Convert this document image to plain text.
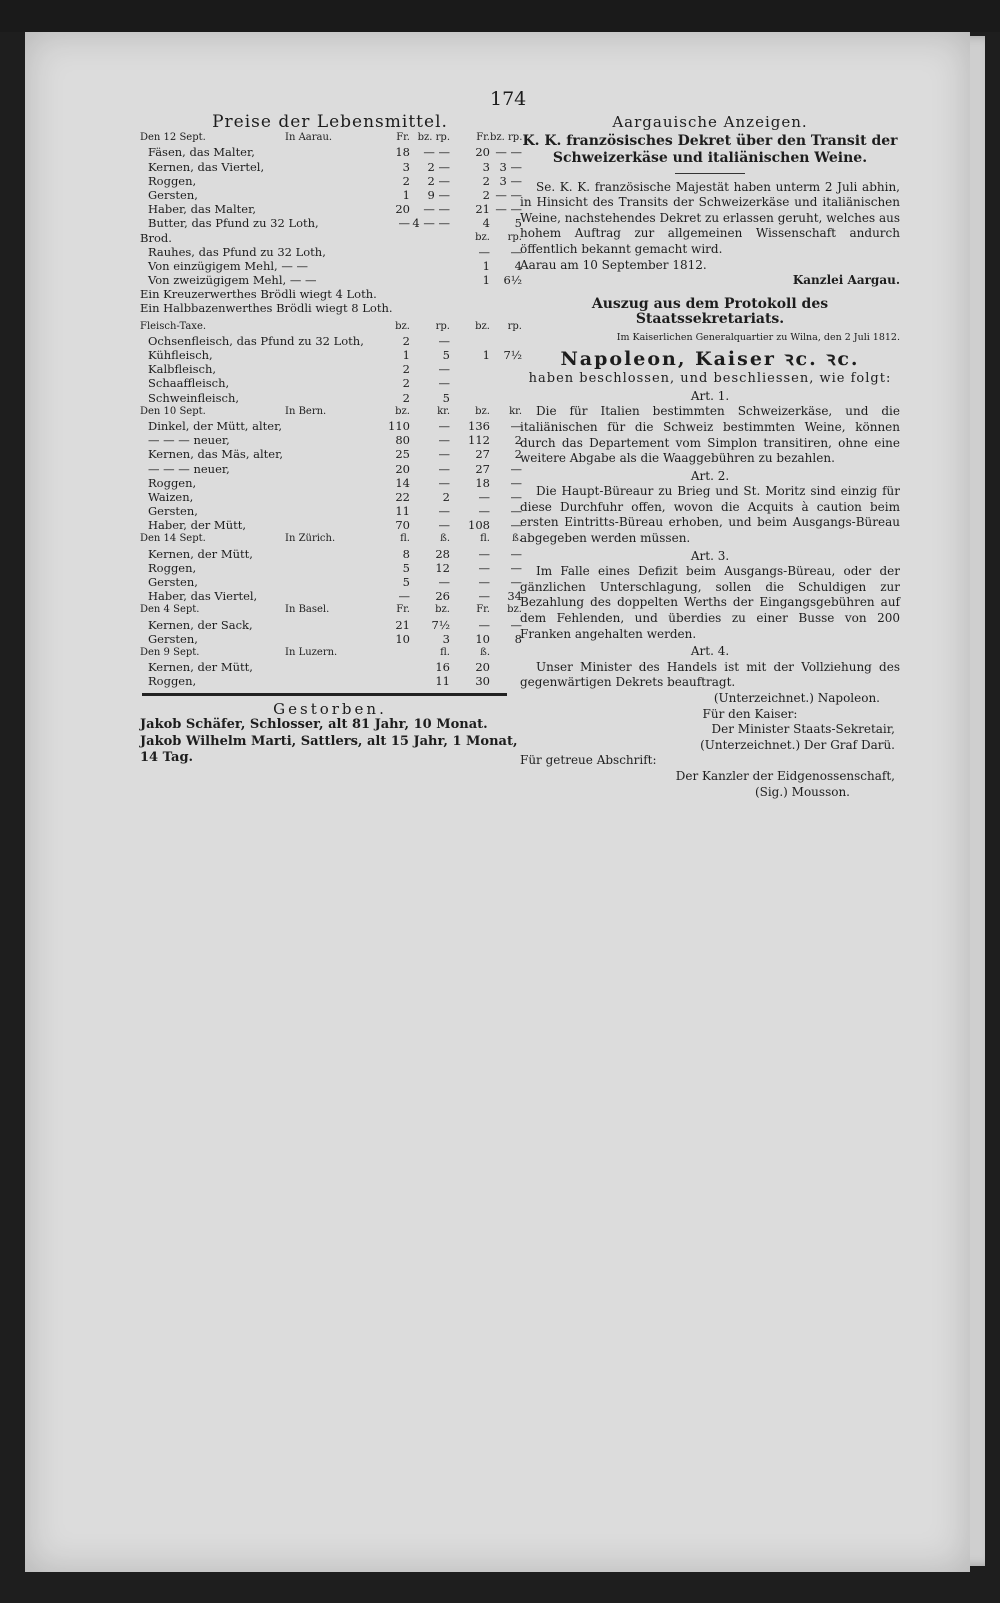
174
Preise der Lebensmittel.
Den 12 Sept.	In Aarau.	Fr. bz. rp.	Fr. bz. rp.
Fäsen, das Malter,	18	— —	20 — —
Kernen, das Viertel,	3	2 —	3 3 —
Roggen,	2	2 —	2 3 —
Gersten,	1	9 —	2 — —
Haber, das Malter,	20	— —	21 — —
Butter, das Pfund zu 32 Loth,	— 4 — —	4	5
Brod.	bz.	rp.
Rauhes, das Pfund zu 32 Loth,	—	—
Von einzügigem Mehl, — —	1	4
Von zweizügigem Mehl, — —	1	6½
Ein Kreuzerwerthes Brödli wiegt 4 Loth.
Ein Halbbazenwerthes Brödli wiegt 8 Loth.
Fleisch-Taxe.	bz.	rp.	bz.	rp.
Ochsenfleisch, das Pfund zu 32 Loth,	2	—
Kühfleisch,	1	5	1	7½
Kalbfleisch,	2	—
Schaaffleisch,	2	—
Schweinfleisch,	2	5
Den 10 Sept.	In Bern.	bz.	kr.	bz.	kr.
Dinkel, der Mütt, alter,	110	—	136	—
— — — neuer,	80	—	112	2
Kernen, das Mäs, alter,	25	—	27	2
— — — neuer,	20	—	27	—
Roggen,	14	—	18	—
Waizen,	22	2	—	—
Gersten,	11	—	—	—
Haber, der Mütt,	70	—	108	—
Den 14 Sept.	In Zürich.	fl.	ß.	fl.	ß.
Kernen, der Mütt,	8	28	—	—
Roggen,	5	12	—	—
Gersten,	5	—	—	—
Haber, das Viertel,	—	26	—	34
Den 4 Sept.	In Basel.	Fr.	bz.	Fr.	bz.
Kernen, der Sack,	21	7½	—	—
Gersten,	10	3	10	8
Den 9 Sept.	In Luzern.	fl.	ß.
Kernen, der Mütt,	16	20
Roggen,	11	30
Gestorben.

Jakob Schäfer, Schlosser, alt 81 Jahr, 10 Monat.

Jakob Wilhelm Marti, Sattlers, alt 15 Jahr, 1 Monat, 14 Tag.

Aargauische Anzeigen.
K. K. französisches Dekret über den Transit der Schweizerkäse und italiänischen Weine.

Se. K. K. französische Majestät haben unterm 2 Juli abhin, in Hinsicht des Transits der Schweizerkäse und italiänischen Weine, nachstehendes Dekret zu erlassen geruht, welches aus hohem Auftrag zur allgemeinen Wissenschaft andurch öffentlich bekannt gemacht wird.

Aarau am 10 September 1812.

Kanzlei Aargau.

Auszug aus dem Protokoll des Staatssekretariats.
Im Kaiserlichen Generalquartier zu Wilna, den 2 Juli 1812.
Napoleon, Kaiser ꝛc. ꝛc.
haben beschlossen, und beschliessen, wie folgt:
Art. 1.

Die für Italien bestimmten Schweizerkäse, und die italiänischen für die Schweiz bestimmten Weine, können durch das Departement vom Simplon transitiren, ohne eine weitere Abgabe als die Waaggebühren zu bezahlen.

Art. 2.

Die Haupt-Büreaur zu Brieg und St. Moritz sind einzig für diese Durchfuhr offen, wovon die Acquits à caution beim ersten Eintritts-Büreau erhoben, und beim Ausgangs-Büreau abgegeben werden müssen.

Art. 3.

Im Falle eines Defizit beim Ausgangs-Büreau, oder der gänzlichen Unterschlagung, sollen die Schuldigen zur Bezahlung des doppelten Werths der Eingangsgebühren auf dem Fehlenden, und überdies zu einer Busse von 200 Franken angehalten werden.

Art. 4.

Unser Minister des Handels ist mit der Vollziehung des gegenwärtigen Dekrets beauftragt.

(Unterzeichnet.) Napoleon.
Für den Kaiser:
Der Minister Staats-Sekretair,
(Unterzeichnet.) Der Graf Darü.
Für getreue Abschrift:
Der Kanzler der Eidgenossenschaft,
(Sig.) Mousson.
